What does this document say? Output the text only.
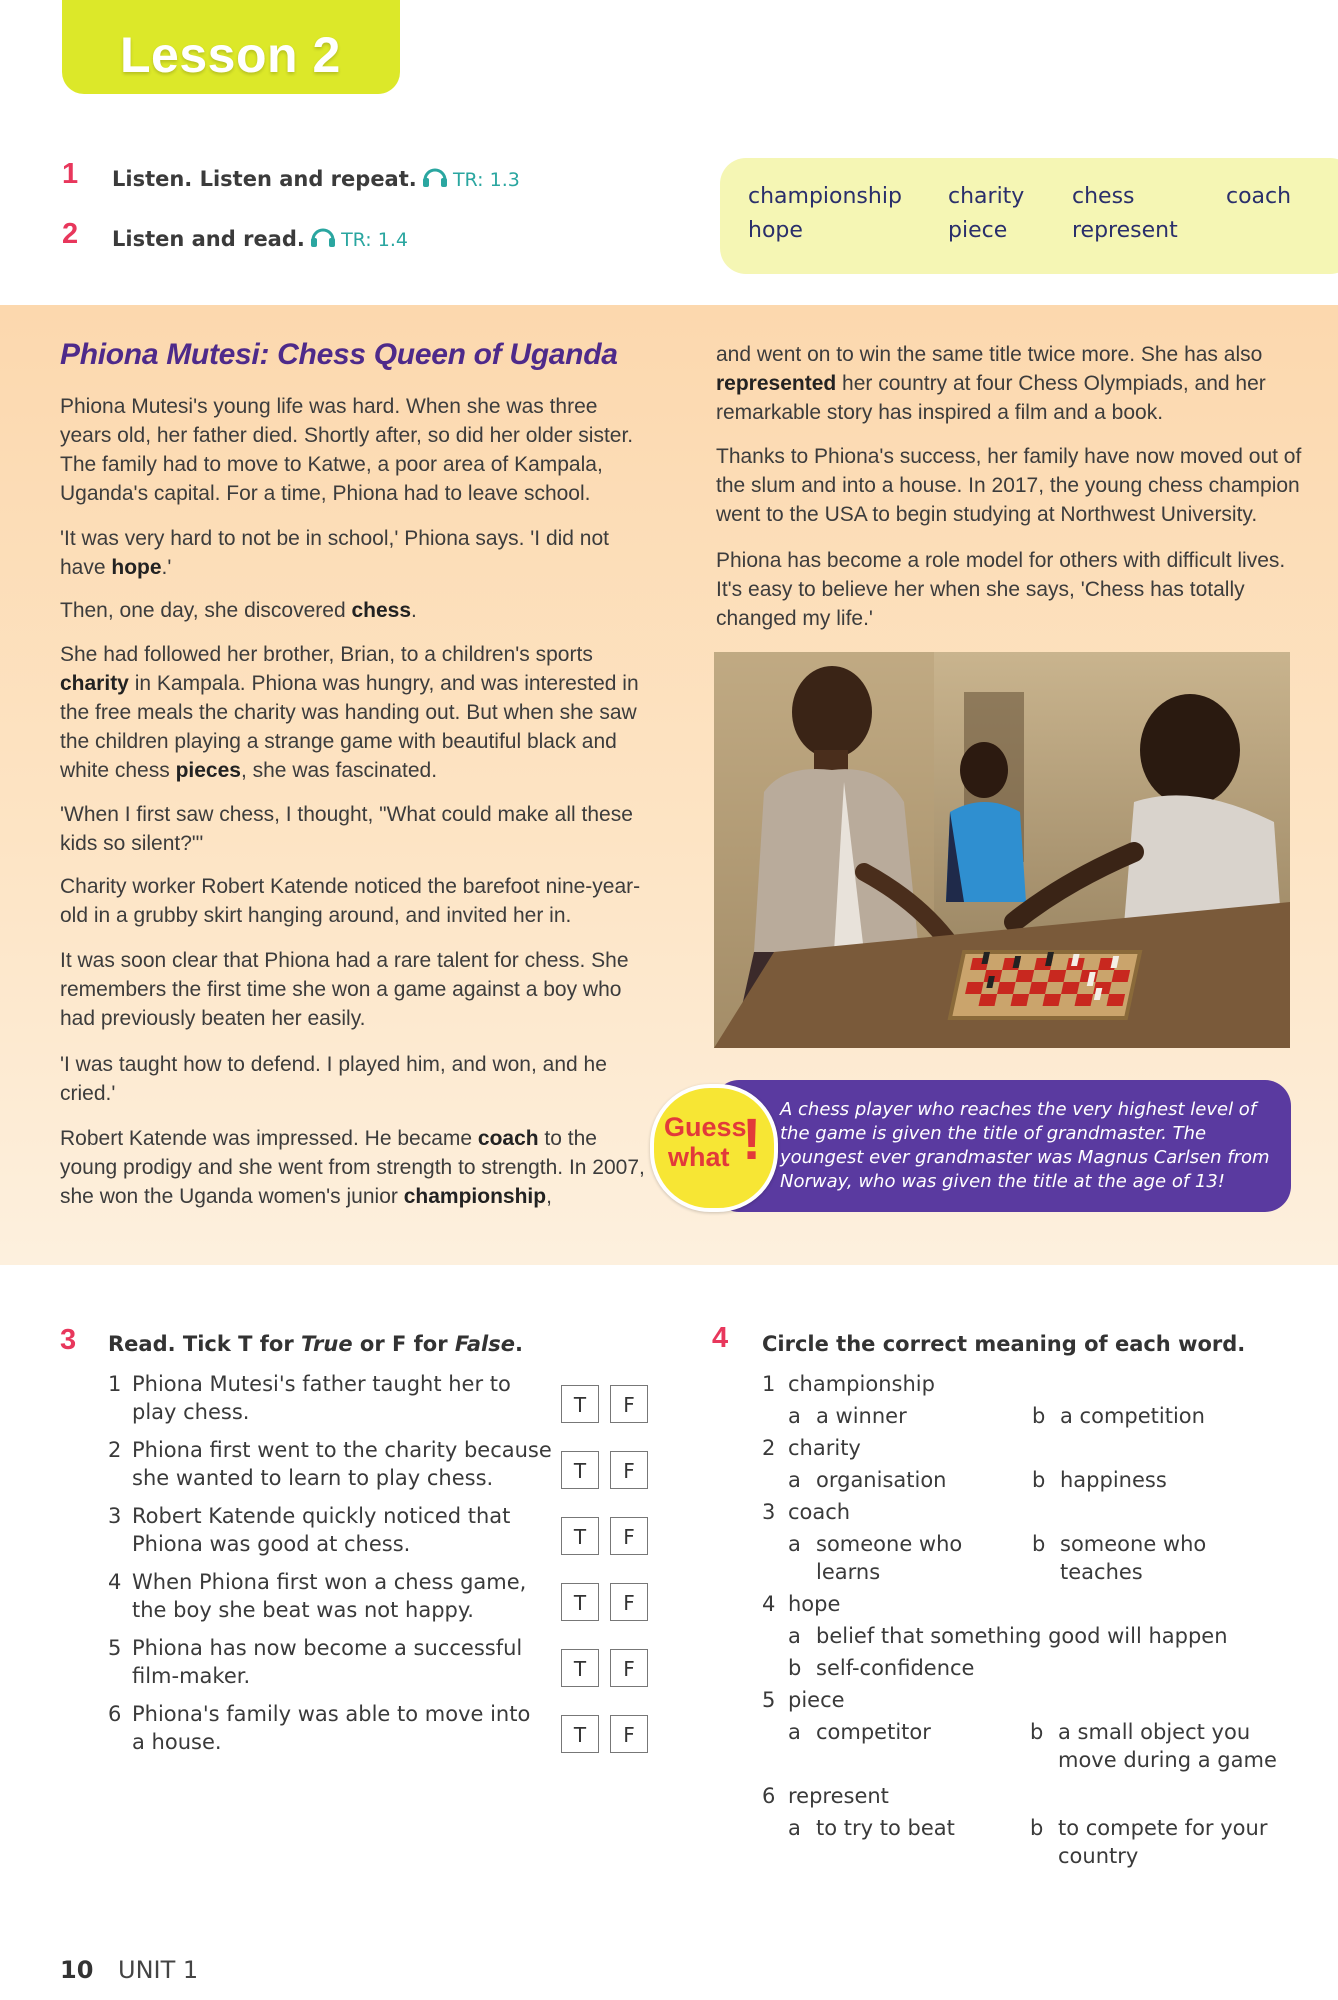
Lesson 2
1 Listen. Listen and repeat. TR: 1.3
2 Listen and read. TR: 1.4
championship charity chess	coach
hope	piece	represent
Phiona Mutesi: Chess Queen of Uganda
Phiona Mutesi's young life was hard. When she was three years old, her father died. Shortly after, so did her older sister. The family had to move to Katwe, a poor area of Kampala, Uganda's capital. For a time, Phiona had to leave school.
'It was very hard to not be in school,' Phiona says. 'I did not have hope.'
Then, one day, she discovered chess.
She had followed her brother, Brian, to a children's sports charity in Kampala. Phiona was hungry, and was interested in the free meals the charity was handing out. But when she saw the children playing a strange game with beautiful black and white chess pieces, she was fascinated.
'When I first saw chess, I thought, "What could make all these kids so silent?"'
Charity worker Robert Katende noticed the barefoot nine-year-old in a grubby skirt hanging around, and invited her in.
It was soon clear that Phiona had a rare talent for chess. She remembers the first time she won a game against a boy who had previously beaten her easily.
'I was taught how to defend. I played him, and won, and he cried.'
Robert Katende was impressed. He became coach to the young prodigy and she went from strength to strength. In 2007, she won the Uganda women's junior championship,
and went on to win the same title twice more. She has also represented her country at four Chess Olympiads, and her remarkable story has inspired a film and a book.
Thanks to Phiona's success, her family have now moved out of the slum and into a house. In 2017, the young chess champion went to the USA to begin studying at Northwest University.
Phiona has become a role model for others with difficult lives. It's easy to believe her when she says, 'Chess has totally changed my life.'
A chess player who reaches the very highest level of the game is given the title of grandmaster. The youngest ever grandmaster was Magnus Carlsen from Norway, who was given the title at the age of 13!
Guess
what !
3 Read. Tick T for True or F for False.
1 Phiona Mutesi's father taught her to
play chess.	T	F
2 Phiona first went to the charity because
she wanted to learn to play chess.	T	F
3 Robert Katende quickly noticed that
Phiona was good at chess.	T	F
4 When Phiona first won a chess game,
the boy she beat was not happy.	T	F
5 Phiona has now become a successful
film-maker.	T	F
6 Phiona's family was able to move into
a house.	T	F
4 Circle the correct meaning of each word.
1 championship
a a winner	b a competition
2 charity
a organisation	b happiness
3 coach
a someone who
learns
b someone who
teaches
4 hope
a belief that something good will happen
b self-confidence
5 piece
a competitor	b a small object you
move during a game
6 represent
a to try to beat	b to compete for your
country
10 UNIT 1
